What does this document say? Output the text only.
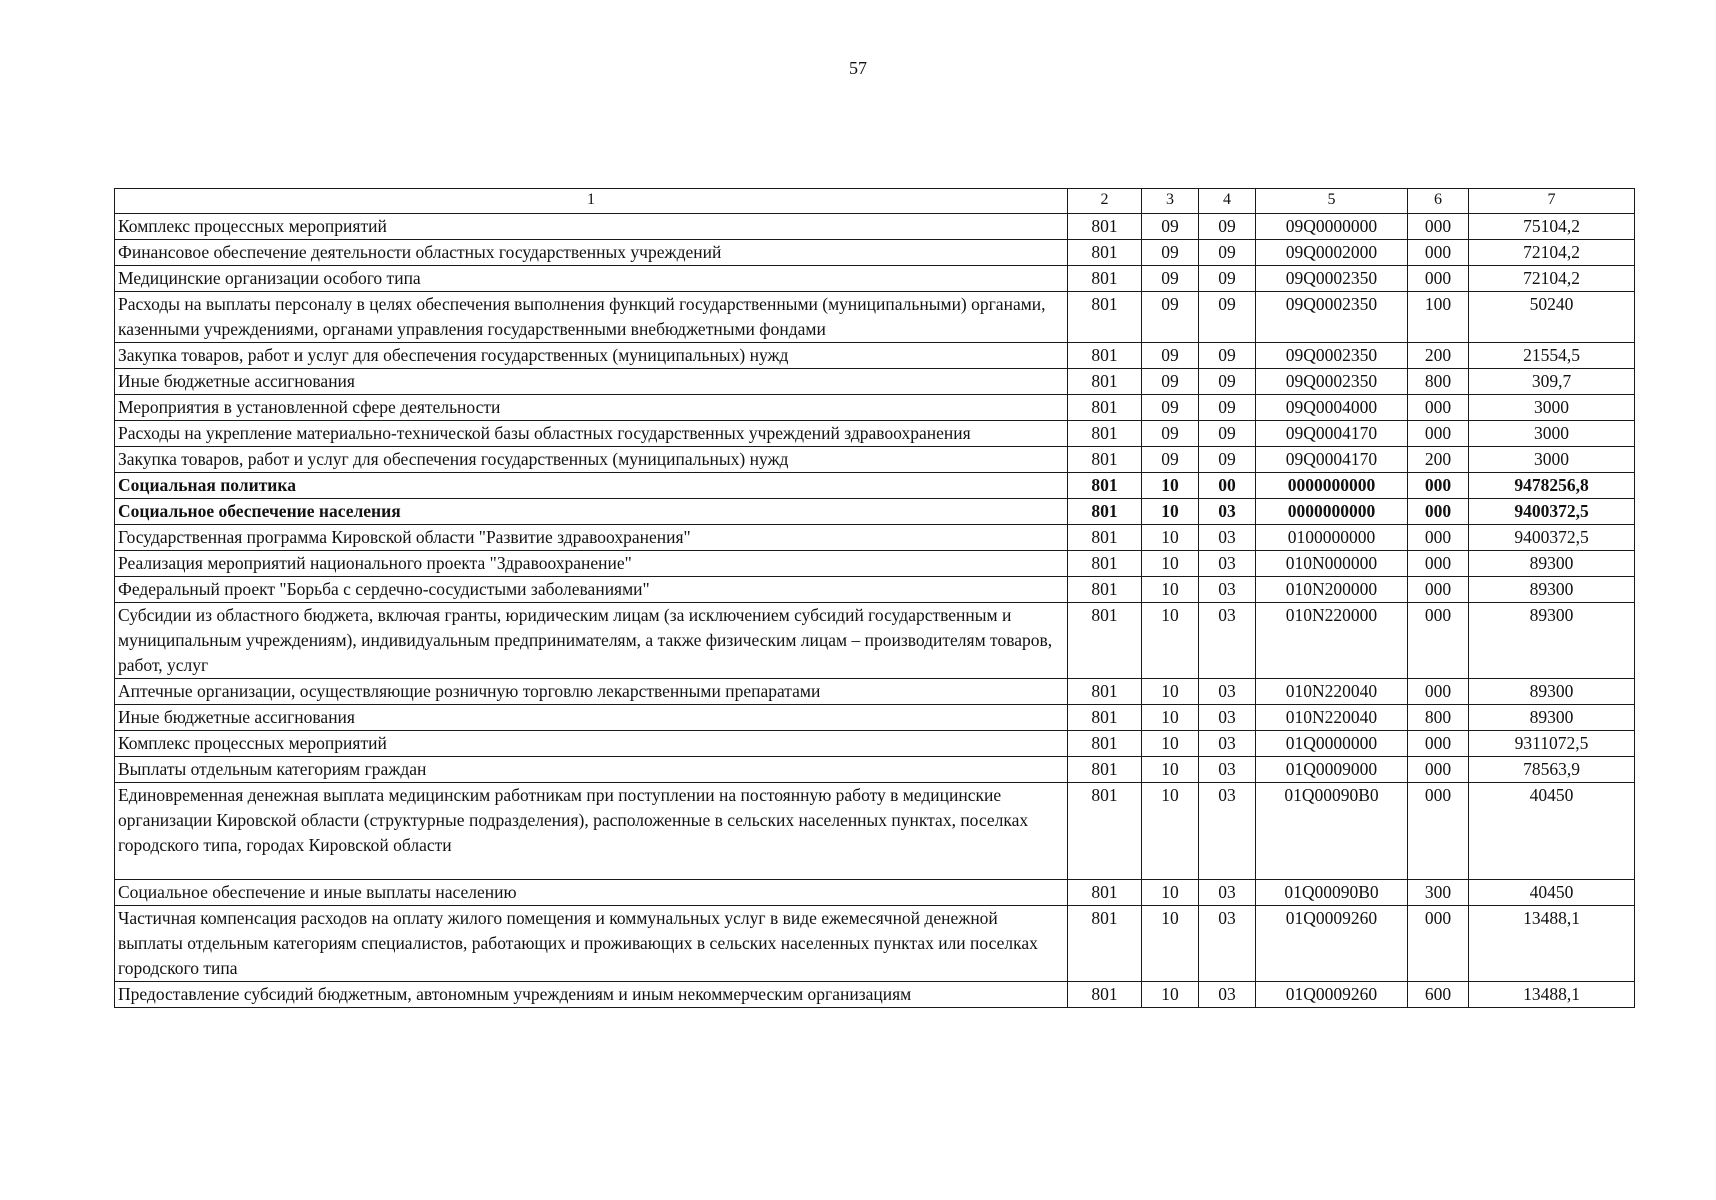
57
1	2	3	4	5	6	7
Комплекс процессных мероприятий	801	09	09	09Q0000000	000	75104,2
Финансовое обеспечение деятельности областных государственных учреждений	801	09	09	09Q0002000	000	72104,2
Медицинские организации особого типа	801	09	09	09Q0002350	000	72104,2
Расходы на выплаты персоналу в целях обеспечения выполнения функций государственными (муниципальными) органами, казенными учреждениями, органами управления государственными внебюджетными фондами	801	09	09	09Q0002350	100	50240
Закупка товаров, работ и услуг для обеспечения государственных (муниципальных) нужд	801	09	09	09Q0002350	200	21554,5
Иные бюджетные ассигнования	801	09	09	09Q0002350	800	309,7
Мероприятия в установленной сфере деятельности	801	09	09	09Q0004000	000	3000
Расходы на укрепление материально-технической базы областных государственных учреждений здравоохранения	801	09	09	09Q0004170	000	3000
Закупка товаров, работ и услуг для обеспечения государственных (муниципальных) нужд	801	09	09	09Q0004170	200	3000
Социальная политика	801	10	00	0000000000	000	9478256,8
Социальное обеспечение населения	801	10	03	0000000000	000	9400372,5
Государственная программа Кировской области "Развитие здравоохранения"	801	10	03	0100000000	000	9400372,5
Реализация мероприятий национального проекта "Здравоохранение"	801	10	03	010N000000	000	89300
Федеральный проект "Борьба с сердечно-сосудистыми заболеваниями"	801	10	03	010N200000	000	89300
Субсидии из областного бюджета, включая гранты, юридическим лицам (за исключением субсидий государственным и муниципальным учреждениям), индивидуальным предпринимателям, а также физическим лицам – производителям товаров, работ, услуг	801	10	03	010N220000	000	89300
Аптечные организации, осуществляющие розничную торговлю лекарственными препаратами	801	10	03	010N220040	000	89300
Иные бюджетные ассигнования	801	10	03	010N220040	800	89300
Комплекс процессных мероприятий	801	10	03	01Q0000000	000	9311072,5
Выплаты отдельным категориям граждан	801	10	03	01Q0009000	000	78563,9
Единовременная денежная выплата медицинским работникам при поступлении на постоянную работу в медицинские организации Кировской области (структурные подразделения), расположенные в сельских населенных пунктах, поселках городского типа, городах Кировской области	801	10	03	01Q00090B0	000	40450
Социальное обеспечение и иные выплаты населению	801	10	03	01Q00090B0	300	40450
Частичная компенсация расходов на оплату жилого помещения и коммунальных услуг в виде ежемесячной денежной выплаты отдельным категориям специалистов, работающих и проживающих в сельских населенных пунктах или поселках городского типа	801	10	03	01Q0009260	000	13488,1
Предоставление субсидий бюджетным, автономным учреждениям и иным некоммерческим организациям	801	10	03	01Q0009260	600	13488,1
